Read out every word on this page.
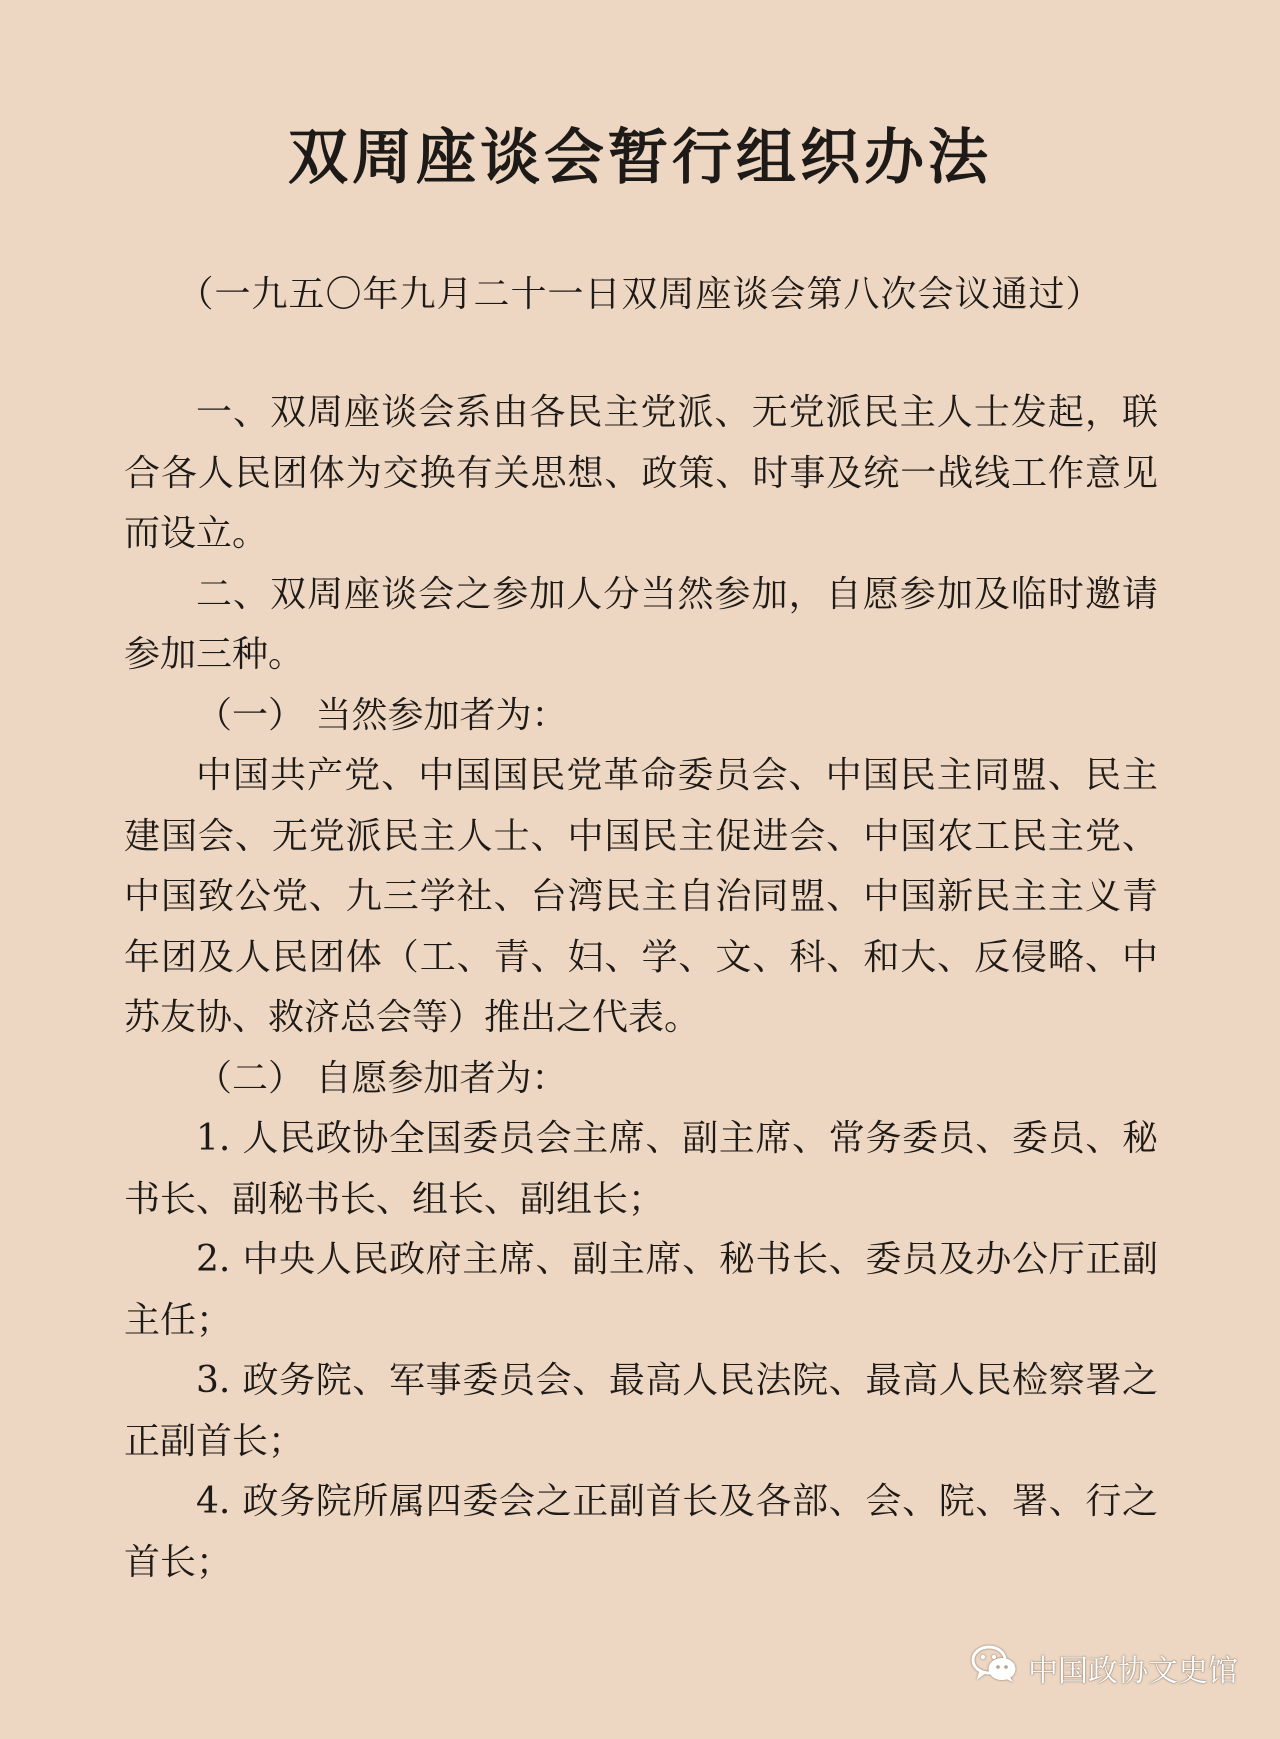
双周座谈会暂行组织办法
（一九五〇年九月二十一日双周座谈会第八次会议通过）

一、双周座谈会系由各民主党派、无党派民主人士发起，联合各人民团体为交换有关思想、政策、时事及统一战线工作意见而设立。

二、双周座谈会之参加人分当然参加，自愿参加及临时邀请参加三种。

（一） 当然参加者为：

中国共产党、中国国民党革命委员会、中国民主同盟、民主建国会、无党派民主人士、中国民主促进会、中国农工民主党、中国致公党、九三学社、台湾民主自治同盟、中国新民主主义青年团及人民团体（工、青、妇、学、文、科、和大、反侵略、中苏友协、救济总会等）推出之代表。

（二） 自愿参加者为：

1. 人民政协全国委员会主席、副主席、常务委员、委员、秘书长、副秘书长、组长、副组长；

2. 中央人民政府主席、副主席、秘书长、委员及办公厅正副主任；

3. 政务院、军事委员会、最高人民法院、最高人民检察署之正副首长；

4. 政务院所属四委会之正副首长及各部、会、院、署、行之首长；

中国政协文史馆
